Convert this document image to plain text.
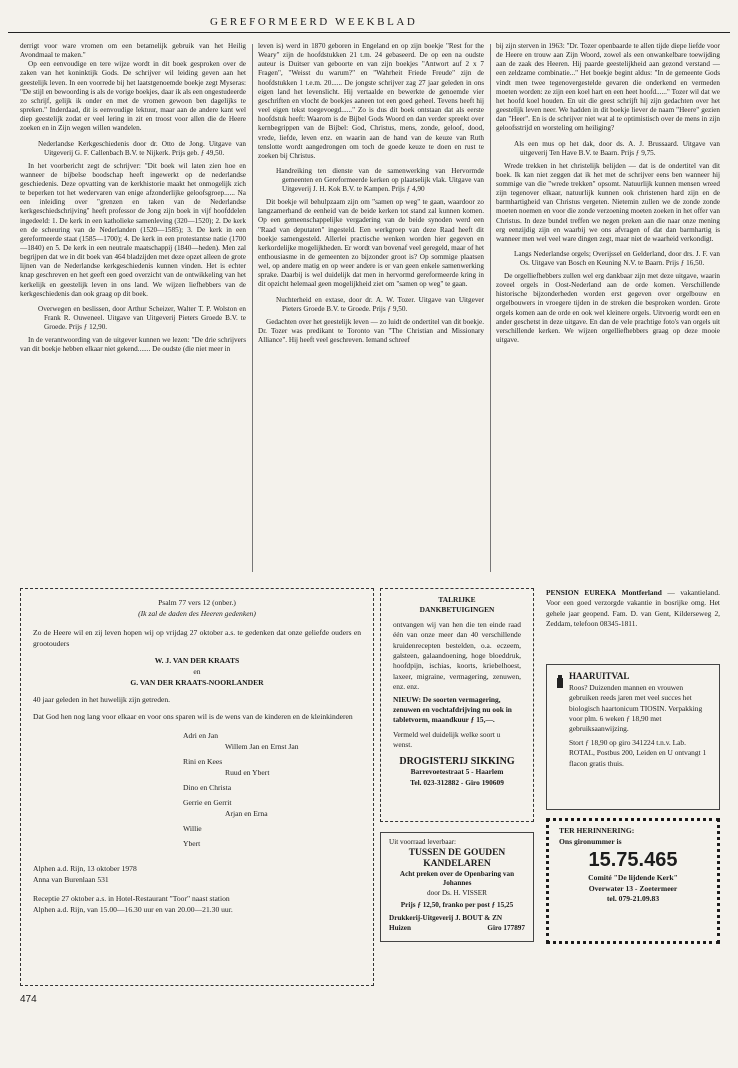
GEREFORMEERD WEEKBLAD

derrigt voor ware vromen om een betamelijk gebruik van het Heilig Avondmaal te maken."

Op een eenvoudige en tere wijze wordt in dit boek gesproken over de zaken van het koninktijk Gods. De schrijver wil leiding geven aan het geestelijk leven. In een voorrede bij het laatstgenoemde boekje zegt Myseras: "De stijl en bewoording is als de vorige boekjes, daar ik als een ongestudeerde zo schrijf, gelijk ik onder en met de vromen gewoon ben dagelijks te spreken." Inderdaad, dit is eenvoudige lektuur, maar aan de andere kant wel diep geestelijk zodat er veel lering in zit en troost voor allen die de Heere zoeken en in Zijn wegen willen wandelen.

Nederlandse Kerkgeschiedenis door dr. Otto de Jong. Uitgave van Uitgeverij G. F. Callenbach B.V. te Nijkerk. Prijs geb. ƒ 49,50.

In het voorbericht zegt de schrijver: "Dit boek wil laten zien hoe en wanneer de bijbelse boodschap heeft ingewerkt op de nederlandse geschiedenis. Deze opvatting van de kerkhistorie maakt het onmogelijk zich te beperken tot het wedervaren van enige afzonderlijke geloofsgroep...... Na een inleiding over "grenzen en taken van de Nederlandse kerkgeschiedschrijving" heeft professor de Jong zijn boek in vijf hoofddelen ingedeeld: 1. De kerk in een katholieke samenleving (320—1520); 2. De kerk en de scheuring van de Nederlanden (1520—1585); 3. De kerk in een gereformeerde staat (1585—1700); 4. De kerk in een protestantse natie (1700—1840) en 5. De kerk in een neutrale maatschappij (1840—heden). Men zal begrijpen dat we in dit boek van 464 bladzijden met deze opzet alleen de grote lijnen van de Nederlandse kerkgeschiedenis kunnen vinden. Het is echter knap geschreven en het geeft een goed overzicht van de ontwikkeling van het kerkelijk en geestelijk leven in ons land. We wijzen liefhebbers van de kerkgeschiedenis dan ook graag op dit boek.

Overwegen en beslissen, door Arthur Scheizer, Walter T. P. Wolston en Frank R. Ouweneel. Uitgave van Uitgeverij Pieters Groede B.V. te Groede. Prijs ƒ 12,90.

In de verantwoording van de uitgever kunnen we lezen: "De drie schrijvers van dit boekje hebben elkaar niet gekend....... De oudste (die niet meer in

leven is) werd in 1870 geboren in Engeland en op zijn boekje "Rest for the Weary" zijn de hoofdstukken 21 t.m. 24 gebaseerd. De op een na oudste auteur is Duitser van geboorte en van zijn boekjes "Antwort auf 2 x 7 Fragen", "Weisst du warum?" en "Wahrheit Friede Freude" zijn de hoofdstukken 1 t.e.m. 20...... De jongste schrijver zag 27 jaar geleden in ons eigen land het levenslicht. Hij vertaalde en bewerkte de genoemde vier geschriften en vlocht de boekjes aaneen tot een goed geheel. Tevens heeft hij veel eigen tekst toegevoegd......" Zo is dus dit boek ontstaan dat als eerste hoofdstuk heeft: Waarom is de Bijbel Gods Woord en dan verder spreekt over kernbegrippen van de Bijbel: God, Christus, mens, zonde, geloof, dood, vrede, liefde, leven enz. en waarin aan de hand van de keuze van Ruth tenslotte wordt aangedrongen om toch de goede keuze te doen en rust te zoeken bij Christus.

Handreiking ten dienste van de samenwerking van Hervormde gemeenten en Gereformeerde kerken op plaatselijk vlak. Uitgave van Uitgeverij J. H. Kok B.V. te Kampen. Prijs ƒ 4,90

Dit boekje wil behulpzaam zijn om "samen op weg" te gaan, waardoor zo langzamerhand de eenheid van de beide kerken tot stand zal kunnen komen. Op een gemeenschappelijke vergadering van de beide synoden werd een "Raad van deputaten" ingesteld. Een werkgroep van deze Raad heeft dit boekje samengesteld. Allerlei practische wenken worden hier gegeven en kerkordelijke mogelijkheden. Er wordt van bovenaf veel geregeld, maar of het enthousiasme in de gemeenten zo bijzonder groot is? Op sommige plaatsen wel, op andere matig en op weer andere is er van geen enkele samenwerking sprake. Daarbij is wel duidelijk dat men in hervormd gereformeerde kring in dit opzicht helemaal geen mogelijkheid ziet om "samen op weg" te gaan.

Nuchterheid en extase, door dr. A. W. Tozer. Uitgave van Uitgever Pieters Groede B.V. te Groede. Prijs ƒ 9,50.

Gedachten over het geestelijk leven — zo luidt de ondertitel van dit boekje. Dr. Tozer was predikant te Toronto van "The Christian and Missionary Alliance". Hij heeft veel geschreven. Iemand schreef

bij zijn sterven in 1963: "Dr. Tozer openbaarde te allen tijde diepe liefde voor de Heere en trouw aan Zijn Woord, zowel als een onwankelbare toewijding aan de zaak des Heeren. Hij paarde geestelijkheid aan gezond verstand — een zeldzame combinatie..." Het boekje begint aldus: "In de gemeente Gods vindt men twee tegenovergestelde gevaren die onderkend en vermeden moeten worden: ze zijn een koel hart en een heet hoofd......" Tozer wil dat we het hoofd koel houden. En uit die geest schrijft hij zijn gedachten over het geestelijk leven neer. We hadden in dit boekje liever de naam "Heere" gezien dan "Heer". En is de schrijver niet wat al te optimistisch over de mens in zijn geloofsstrijd en worsteling om heiliging?

Als een mus op het dak, door ds. A. J. Brussaard. Uitgave van uitgeverij Ten Have B.V. te Baarn. Prijs ƒ 9,75.

Wrede trekken in het christelijk belijden — dat is de ondertitel van dit boek. Ik kan niet zeggen dat ik het met de schrijver eens ben wanneer hij sommige van die "wrede trekken" opsomt. Natuurlijk kunnen mensen wreed zijn tegenover elkaar, natuurlijk kunnen ook christenen hard zijn en de barmhartigheid van Christus vergeten. Nietemin zullen we de zonde zonde moeten noemen en voor die zonde verzoening moeten zoeken in het offer van Christus. In deze bundel treffen we negen preken aan die naar onze mening erg eenzijdig zijn en waarbij we ons afvragen of dat dan barmhartig is wanneer men wel veel ware dingen zegt, maar niet de waarheid verkondigt.

Langs Nederlandse orgels; Overijssel en Gelderland, door drs. J. F. van Os. Uitgave van Bosch en Keuning N.V. te Baarn. Prijs ƒ 16,50.

De orgelliefhebbers zullen wel erg dankbaar zijn met deze uitgave, waarin zoveel orgels in Oost-Nederland aan de orde komen. Verschillende historische bijzonderheden worden erst gegeven over orgelbouw en orgelbouwers in vroegere tijden in de streken die besproken worden. Grote orgels komen aan de orde en ook wel kleinere orgels. Uitvoerig wordt een en ander geschetst in deze uitgave. En dan de vele prachtige foto's van orgels uit verschillende kerken. We wijzen orgelliefhebbers graag op deze mooie uitgave.

Psalm 77 vers 12 (onber.)
(Ik zal de daden des Heeren gedenken)
Zo de Heere wil en zij leven hopen wij op vrijdag 27 oktober a.s. te gedenken dat onze geliefde ouders en grootouders
W. J. VAN DER KRAATS
en
G. VAN DER KRAATS-NOORLANDER
40 jaar geleden in het huwelijk zijn getreden.
Dat God hen nog lang voor elkaar en voor ons sparen wil is de wens van de kinderen en de kleinkinderen
Adri en Jan
Willem Jan en Ernst Jan
Rini en Kees
Ruud en Ybert
Dino en Christa
Gerrie en Gerrit
Arjan en Erna
Willie
Ybert
Alphen a.d. Rijn, 13 oktober 1978
Anna van Burenlaan 531
Receptie 27 oktober a.s. in Hotel-Restaurant "Toor" naast station
Alphen a.d. Rijn, van 15.00—16.30 uur en van 20.00—21.30 uur.
TALRIJKE
DANKBETUIGINGEN
ontvangen wij van hen die ten einde raad één van onze meer dan 40 verschillende kruidenrecepten bestelden, o.a. eczeem, galsteen, galaandoening, hoge bloeddruk, hoofdpijn, ischias, koorts, kriebelhoest, laxeer, migraine, vermagering, zenuwen, enz. enz.
NIEUW: De soorten vermagering, zenuwen en vochtafdrijving nu ook in tabletvorm, maandkuur ƒ 15,—.
Vermeld wel duidelijk welke soort u wenst.
DROGISTERIJ SIKKING
Barrevoetestraat 5 - Haarlem
Tel. 023-312882 - Giro 190609
Uit voorraad leverbaar:
TUSSEN DE GOUDEN
KANDELAREN
Acht preken over de Openbaring van
Johannes
door Ds. H. VISSER
Prijs ƒ 12,50, franko per post ƒ 15,25
Drukkerij-Uitgeverij J. BOUT & ZN
Huizen	Giro 177897
PENSION EUREKA Montferland — vakantieland. Voor een goed verzorgde vakantie in bosrijke omg. Het gehele jaar geopend. Fam. D. van Gent, Kilderseweg 2, Zeddam, telefoon 08345-1811.
HAARUITVAL
Roos? Duizenden mannen en vrouwen gebruiken reeds jaren met veel succes het biologisch haartonicum TIOSIN. Verpakking voor plm. 6 weken ƒ 18,90 met gebruiksaanwijzing.
Stort ƒ 18,90 op giro 341224 t.n.v. Lab. ROTAL, Postbus 200, Leiden en U ontvangt 1 flacon gratis thuis.
TER HERINNERING:
Ons gironummer is
15.75.465
Comité "De lijdende Kerk"
Overwater 13 - Zoetermeer
tel. 079-21.09.83
474
